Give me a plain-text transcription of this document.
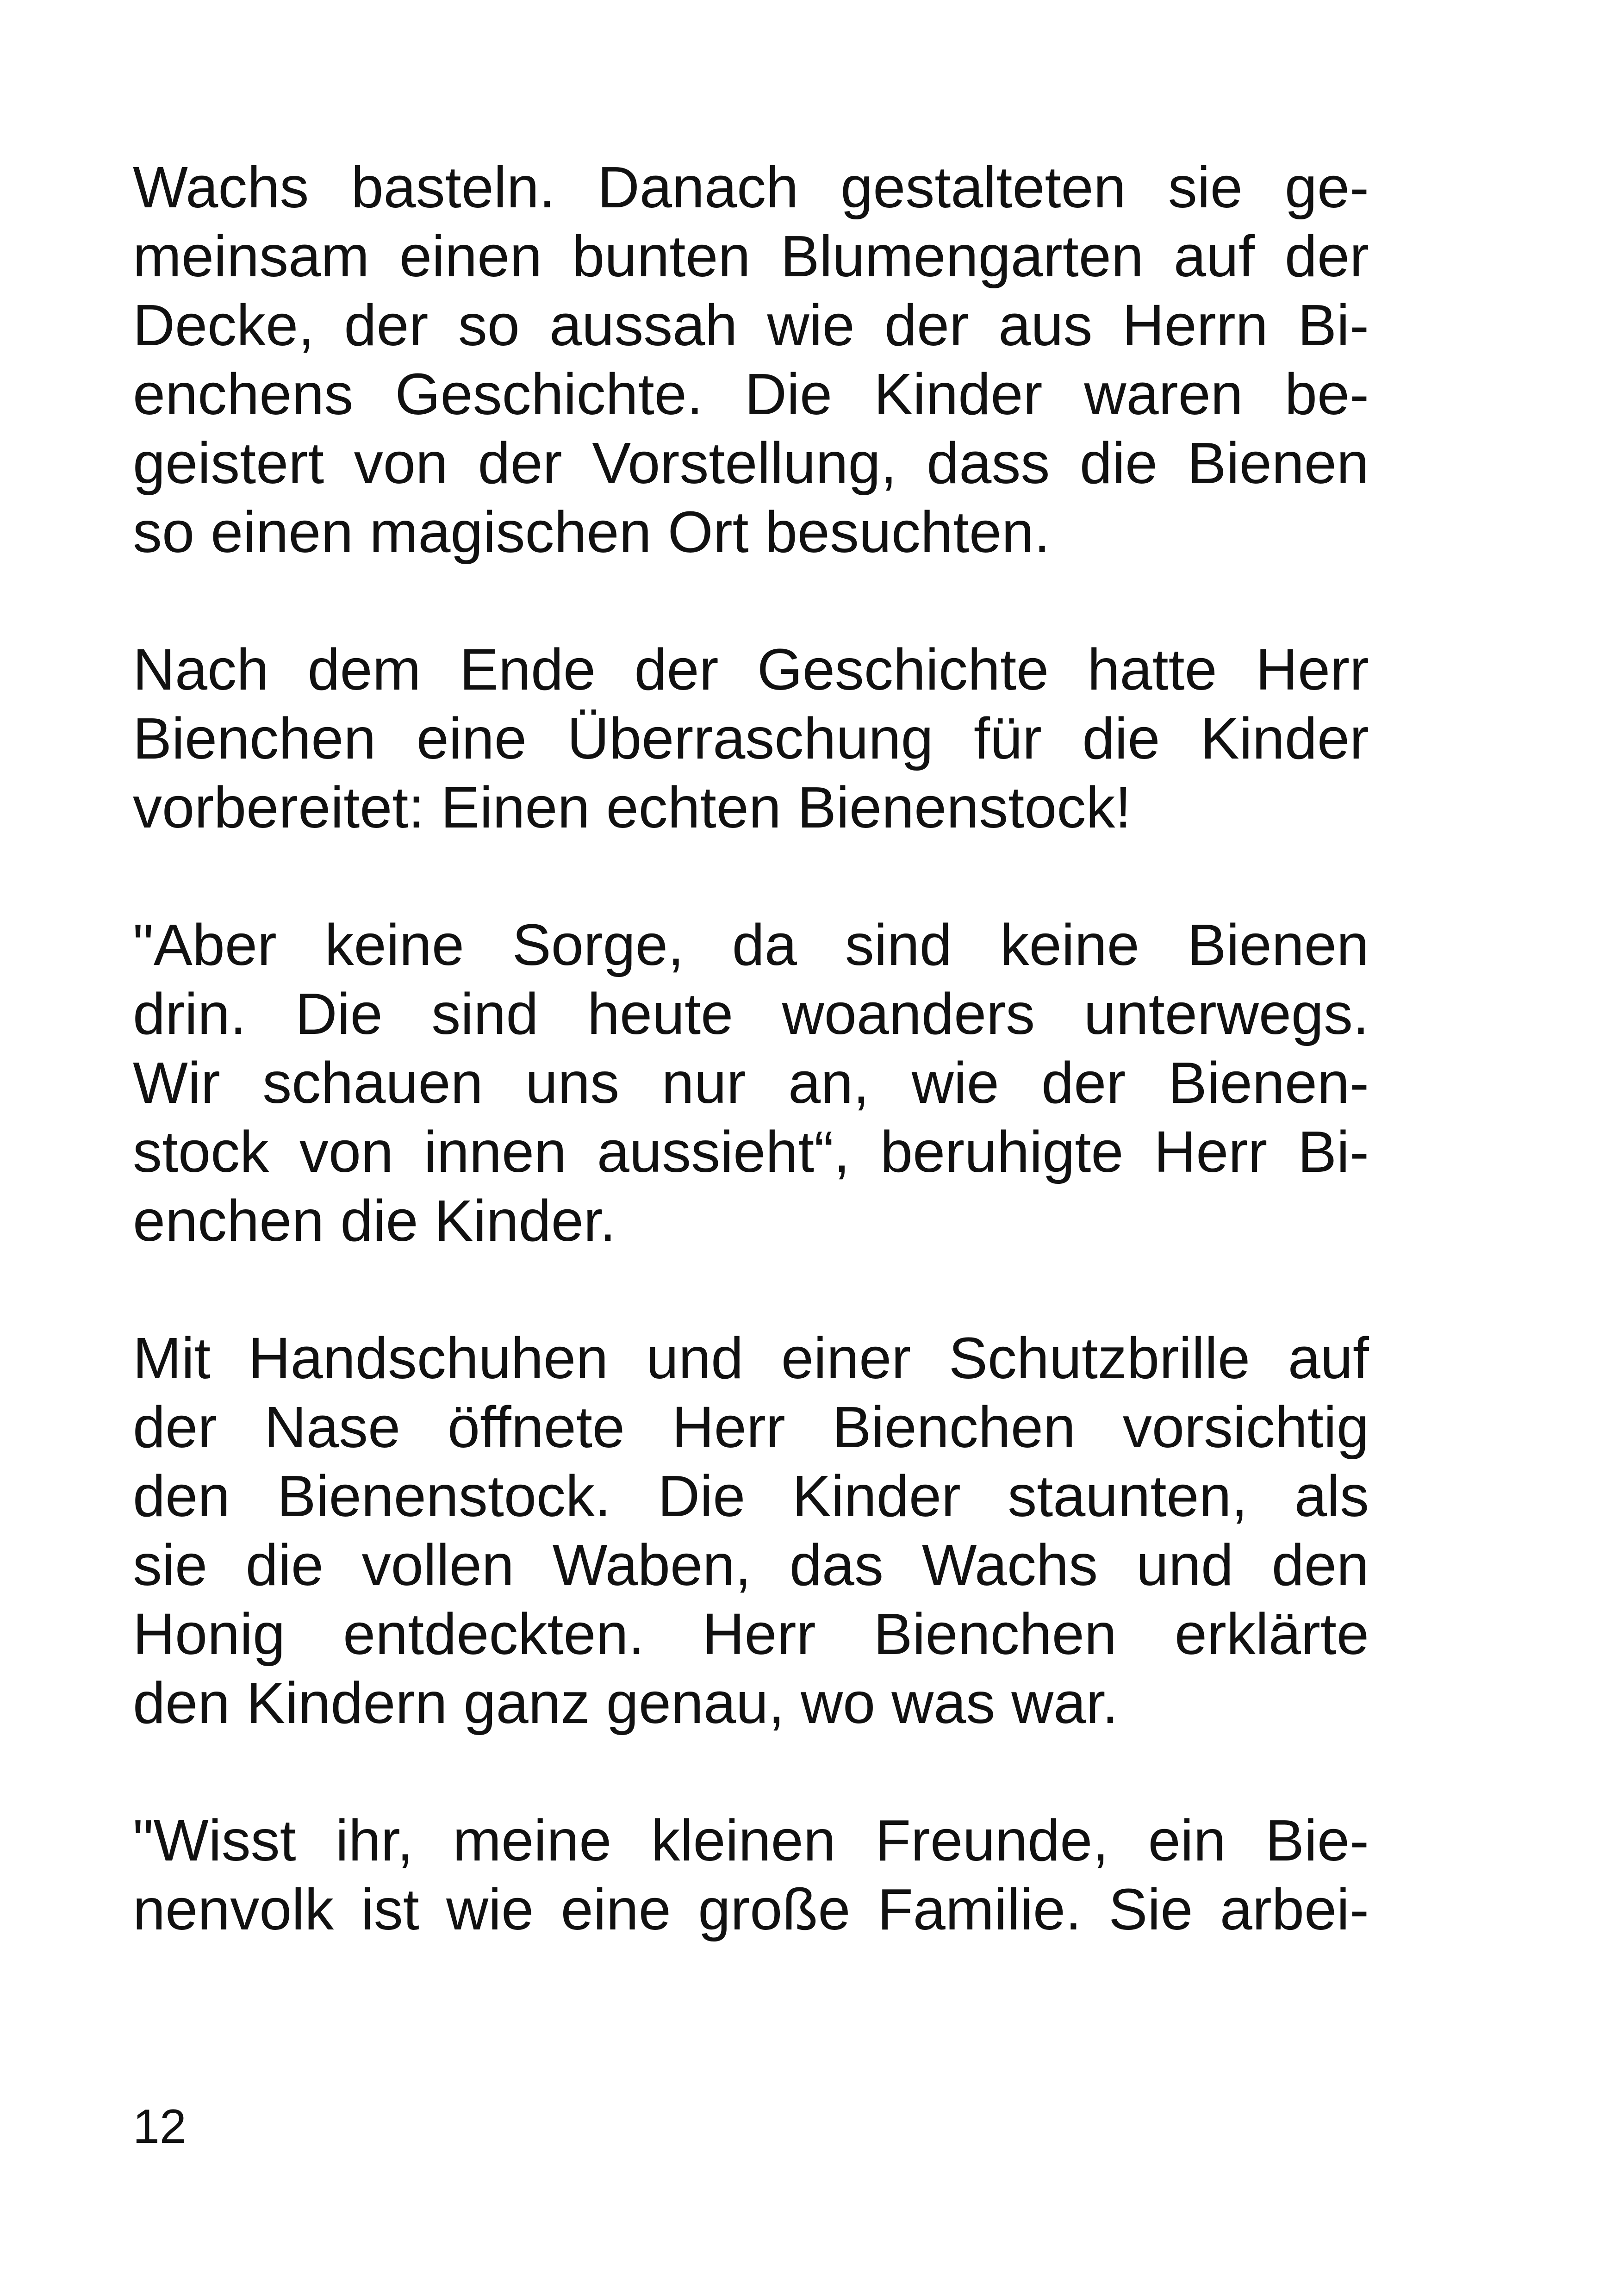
Wachs basteln. Danach gestalteten sie ge-
meinsam einen bunten Blumengarten auf der
Decke, der so aussah wie der aus Herrn Bi-
enchens Geschichte. Die Kinder waren be-
geistert von der Vorstellung, dass die Bienen
so einen magischen Ort besuchten.
Nach dem Ende der Geschichte hatte Herr
Bienchen eine Überraschung für die Kinder
vorbereitet: Einen echten Bienenstock!
"Aber keine Sorge, da sind keine Bienen
drin. Die sind heute woanders unterwegs.
Wir schauen uns nur an, wie der Bienen-
stock von innen aussieht“, beruhigte Herr Bi-
enchen die Kinder.
Mit Handschuhen und einer Schutzbrille auf
der Nase öffnete Herr Bienchen vorsichtig
den Bienenstock. Die Kinder staunten, als
sie die vollen Waben, das Wachs und den
Honig entdeckten. Herr Bienchen erklärte
den Kindern ganz genau, wo was war.
"Wisst ihr, meine kleinen Freunde, ein Bie-
nenvolk ist wie eine große Familie. Sie arbei-
12
